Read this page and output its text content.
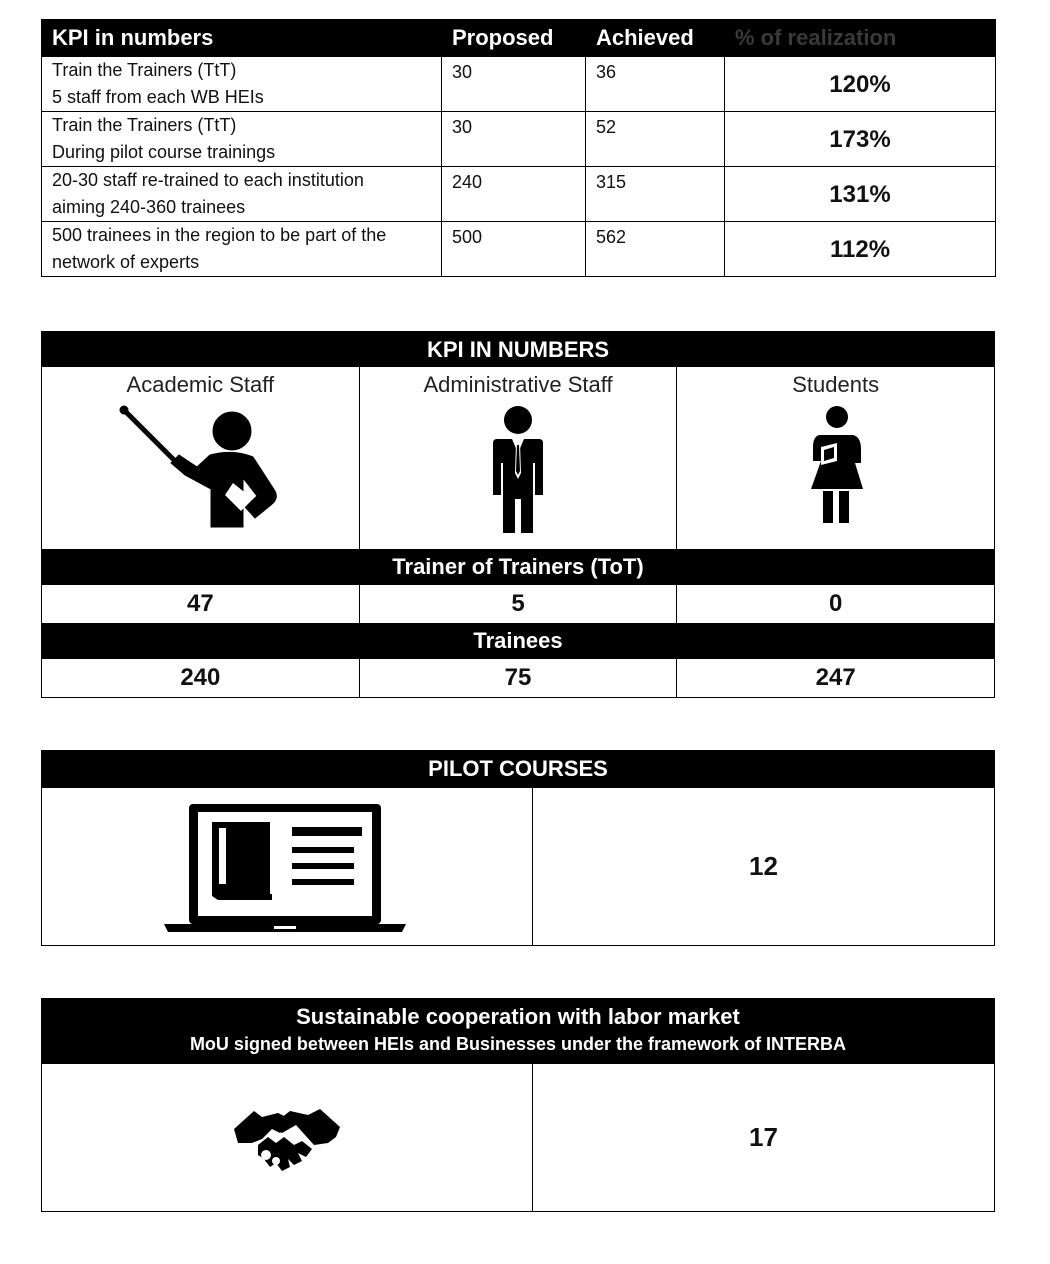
KPI in numbers	Proposed	Achieved	% of realization
Train the Trainers (TtT)
5 staff from each WB HEIs	30	36	120%
Train the Trainers (TtT)
During pilot course trainings	30	52	173%

20-30 staff re-trained to each institution
aiming 240-360 trainees	240	315	131%

500 trainees in the region to be part of the
network of experts	500	562	112%
KPI IN NUMBERS
Academic Staff	Administrative Staff	Students
Trainer of Trainers (ToT)
47	5	0
Trainees
240	75	247
PILOT COURSES
12
Sustainable cooperation with labor market
MoU signed between HEIs and Businesses under the framework of INTERBA
17
